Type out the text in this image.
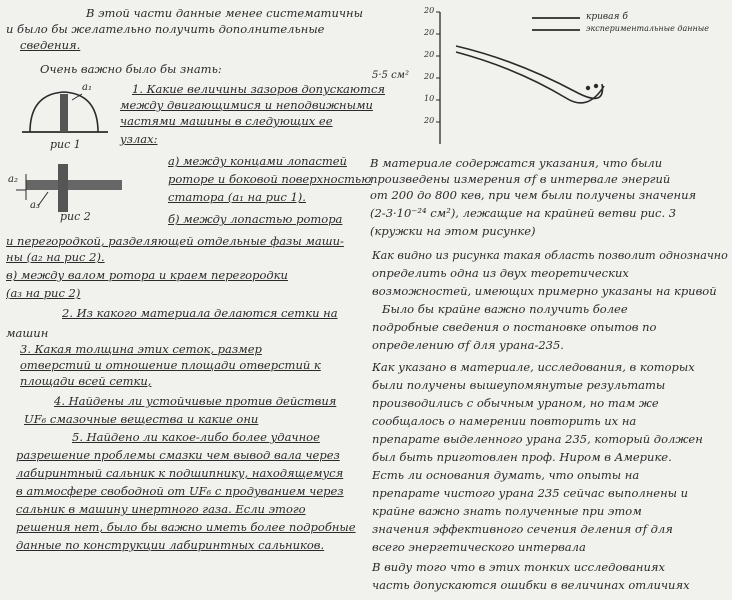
В этой части данные менее систематичны
и было бы желательно получить дополнительные
сведения.
Очень важно было бы знать:
1. Какие величины зазоров допускаются
между двигающимися и неподвижными
частями машины в следующих ее
узлах:
а) между концами лопастей
роторе и боковой поверхностью
статора (а₁ на рис 1).
б) между лопастью ротора
и перегородкой, разделяющей отдельные фазы маши-
ны (а₂ на рис 2).
в) между валом ротора и краем перегородки
(а₃ на рис 2)
2. Из какого материала делаются сетки на
машин
3. Какая толщина этих сеток, размер
отверстий и отношение площади отверстий к
площади всей сетки,
4. Найдены ли устойчивые против действия
UF₆ смазочные вещества и какие они
5. Найдено ли какое-либо более удачное
разрешение проблемы смазки чем вывод вала через
лабиринтный сальник к подшипнику, находящемуся
в атмосфере свободной от UF₆ с продуванием через
сальник в машину инертного газа. Если этого
решения нет, было бы важно иметь более подробные
данные по конструкции лабиринтных сальников.
а₁
рис 1
а₂
а₃
рис 2
5·5 см²
кривая б
экспериментальные данные
20
20
20
20
10
20
В материале содержатся указания, что были
произведены измерения σf в интервале энергий
от 200 до 800 кев, при чем были получены значения
(2-3·10⁻²⁴ см²), лежащие на крайней ветви рис. 3
(кружки на этом рисунке)
Как видно из рисунка такая область позволит однозначно
определить одна из двух теоретических
возможностей, имеющих примерно указаны на кривой
Было бы крайне важно получить более
подробные сведения о постановке опытов по
определению σf для урана-235.
Как указано в материале, исследования, в которых
были получены вышеупомянутые результаты
производились с обычным ураном, но там же
сообщалось о намерении повторить их на
препарате выделенного урана 235, который должен
был быть приготовлен проф. Ниром в Америке.
Есть ли основания думать, что опыты на
препарате чистого урана 235 сейчас выполнены и
крайне важно знать полученные при этом
значения эффективного сечения деления σf для
всего энергетического интервала
В виду того что в этих тонких исследованиях
часть допускаются ошибки в величинах отличиях
